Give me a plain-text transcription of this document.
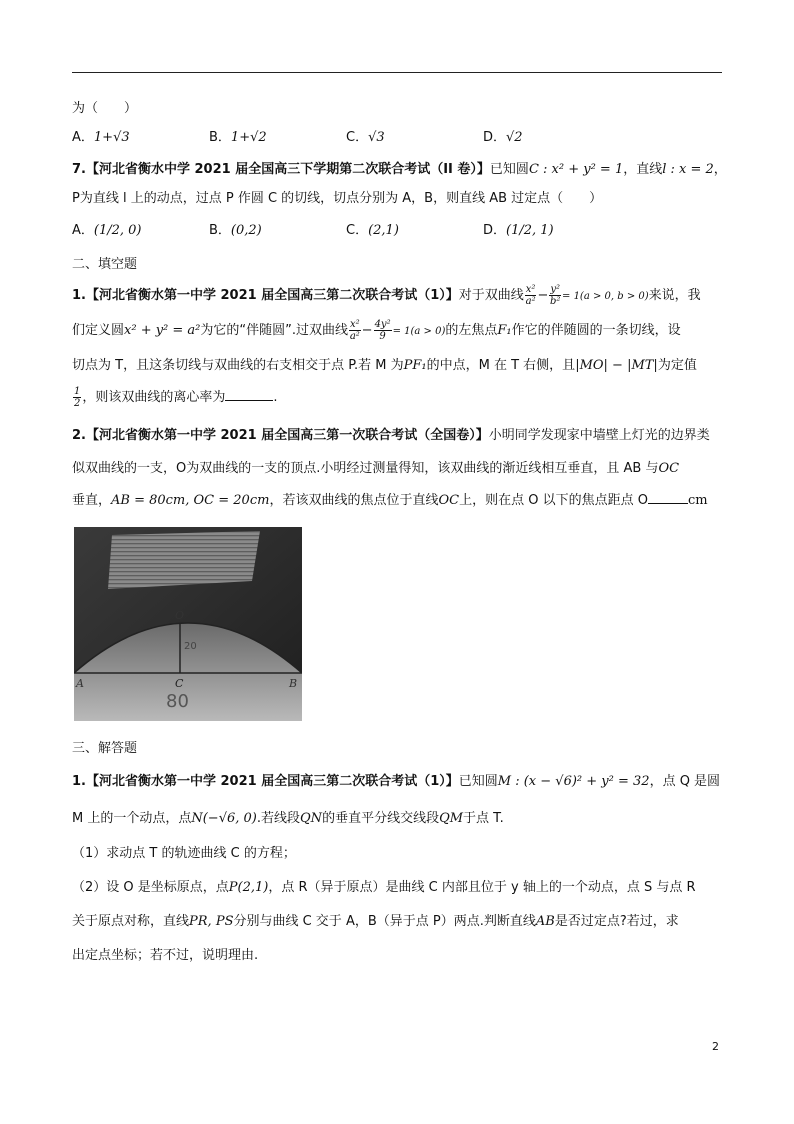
为（　　）
A．1+√3	B．1+√2	C．√3	D．√2
7.【河北省衡水中学 2021 届全国高三下学期第二次联合考试（II 卷）】已知圆C : x² + y² = 1，直线l : x = 2，
P为直线 l 上的动点，过点 P 作圆 C 的切线，切点分别为 A，B，则直线 AB 过定点（　　）
A．(1/2, 0)	B．(0,2)	C．(2,1)	D．(1/2, 1)
二、填空题
1.【河北省衡水第一中学 2021 届全国高三第二次联合考试（1）】对于双曲线 $\frac{\text{x²}}{\text{a²}} - \frac{\text{y²}}{\text{b²}} = 1(a > 0$, b > 0)来说，我
们定义圆x² + y² = a²为它的“伴随圆”.过双曲线 $\frac{\text{x²}}{\text{a²}} - \frac{\text{4y²}}{9} = 1(a > 0)$的左焦点F₁作它的伴随圆的一条切线，设
切点为 T，且这条切线与双曲线的右支相交于点 P.若 M 为PF₁的中点，M 在 T 右侧，且|MO| − |MT|为定值
$\frac{1}{2}$ ，则该双曲线的离心率为	.
2.【河北省衡水第一中学 2021 届全国高三第一次联合考试（全国卷）】小明同学发现家中墙壁上灯光的边界类
似双曲线的一支，O为双曲线的一支的顶点.小明经过测量得知，该双曲线的渐近线相互垂直，且 AB 与OC
垂直，AB = 80cm, OC = 20cm，若该双曲线的焦点位于直线OC上，则在点 O 以下的焦点距点 O	cm
O
A	C	B
20
80
三、解答题
1.【河北省衡水第一中学 2021 届全国高三第二次联合考试（1）】已知圆M : (x − √6)² + y² = 32，点 Q 是圆
M 上的一个动点，点N(−√6, 0).若线段QN的垂直平分线交线段QM于点 T.
（1）求动点 T 的轨迹曲线 C 的方程；
（2）设 O 是坐标原点，点P(2,1)，点 R（异于原点）是曲线 C 内部且位于 y 轴上的一个动点，点 S 与点 R
关于原点对称，直线PR, PS分别与曲线 C 交于 A，B（异于点 P）两点.判断直线AB是否过定点?若过，求
出定点坐标；若不过，说明理由.
2
